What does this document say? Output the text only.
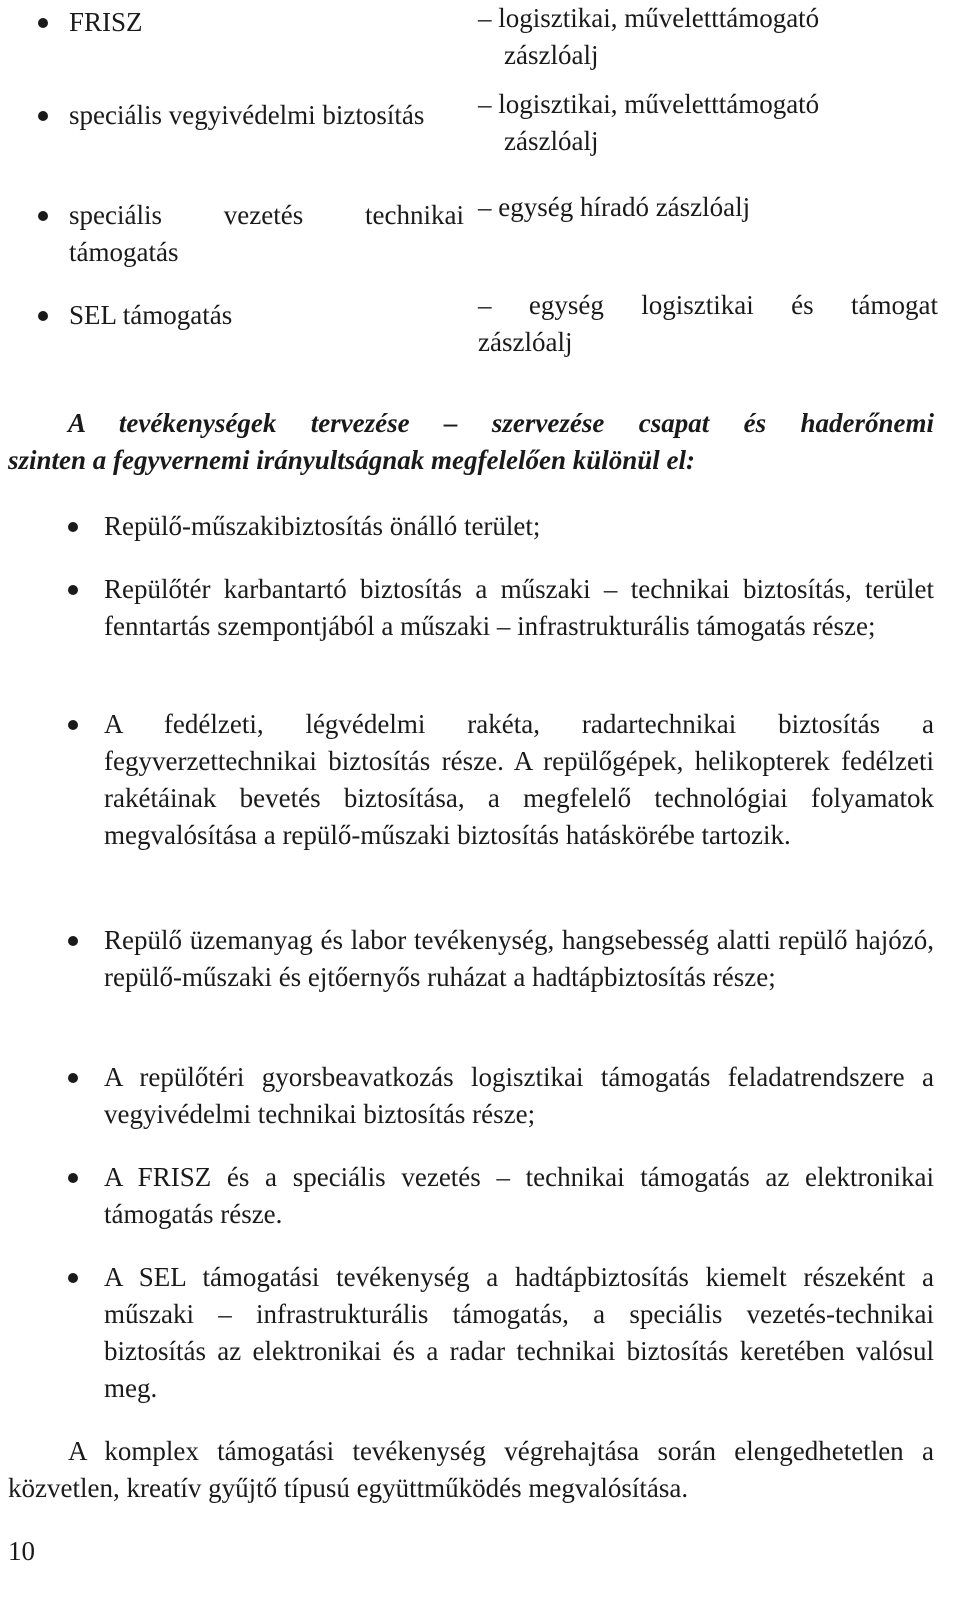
FRISZ
speciális vegyivédelmi biztosítás
speciális vezetés technikai támogatás
SEL támogatás
– logisztikai, műveletttámogató
zászlóalj
– logisztikai, műveletttámogató
zászlóalj
– egység híradó zászlóalj
– egység logisztikai és támogat
zászlóalj
A tevékenységek tervezése – szervezése csapat és haderőnemi
szinten a fegyvernemi irányultságnak megfelelően különül el:
Repülő-műszakibiztosítás önálló terület;
Repülőtér karbantartó biztosítás a műszaki – technikai biztosítás, terület fenntartás szempontjából a műszaki – infrastrukturális támogatás része;
A fedélzeti, légvédelmi rakéta, radartechnikai biztosítás a fegyverzettechnikai biztosítás része. A repülőgépek, helikopterek fedélzeti rakétáinak bevetés biztosítása, a megfelelő technológiai folyamatok megvalósítása a repülő-műszaki biztosítás hatáskörébe tartozik.
Repülő üzemanyag és labor tevékenység, hangsebesség alatti repülő hajózó, repülő-műszaki és ejtőernyős ruházat a hadtápbiztosítás része;
A repülőtéri gyorsbeavatkozás logisztikai támogatás feladatrendszere a vegyivédelmi technikai biztosítás része;
A FRISZ és a speciális vezetés – technikai támogatás az elektronikai támogatás része.
A SEL támogatási tevékenység a hadtápbiztosítás kiemelt részeként a műszaki – infrastrukturális támogatás, a speciális vezetés-technikai biztosítás az elektronikai és a radar technikai biztosítás keretében valósul meg.
A komplex támogatási tevékenység végrehajtása során elengedhetetlen a közvetlen, kreatív gyűjtő típusú együttműködés megvalósítása.
10
